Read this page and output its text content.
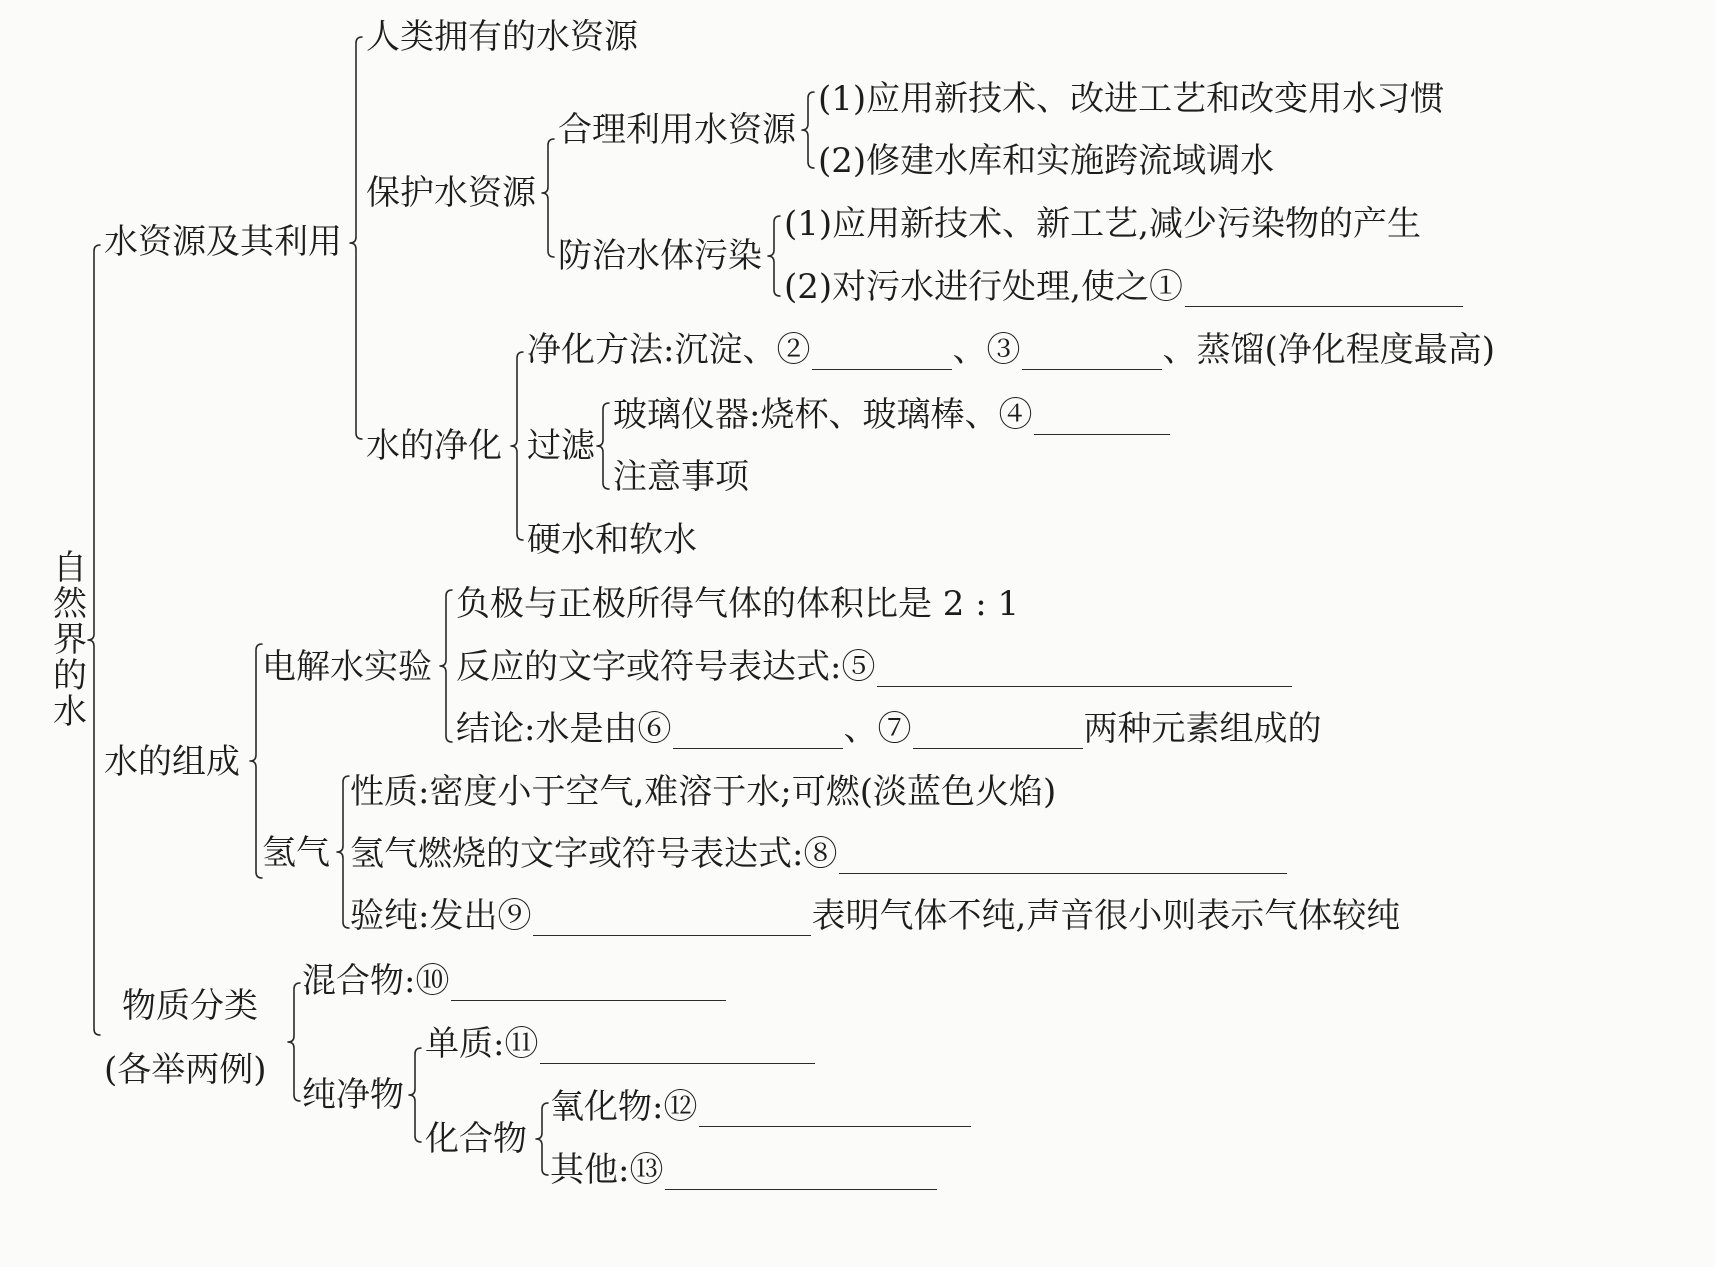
自然界的水
水资源及其利用
人类拥有的水资源
保护水资源
合理利用水资源
(1)应用新技术、改进工艺和改变用水习惯
(2)修建水库和实施跨流域调水
防治水体污染
(1)应用新技术、新工艺,减少污染物的产生
(2)对污水进行处理,使之①
水的净化
净化方法:沉淀、②	、③	、蒸馏(净化程度最高)
过滤
玻璃仪器:烧杯、玻璃棒、④
注意事项
硬水和软水
水的组成
电解水实验
负极与正极所得气体的体积比是 2 : 1
反应的文字或符号表达式:⑤
结论:水是由⑥	、⑦	两种元素组成的
氢气
性质:密度小于空气,难溶于水;可燃(淡蓝色火焰)
氢气燃烧的文字或符号表达式:⑧
验纯:发出⑨	表明气体不纯,声音很小则表示气体较纯
物质分类
(各举两例)
混合物:⑩
纯净物
单质:⑪
化合物
氧化物:⑫
其他:⑬
